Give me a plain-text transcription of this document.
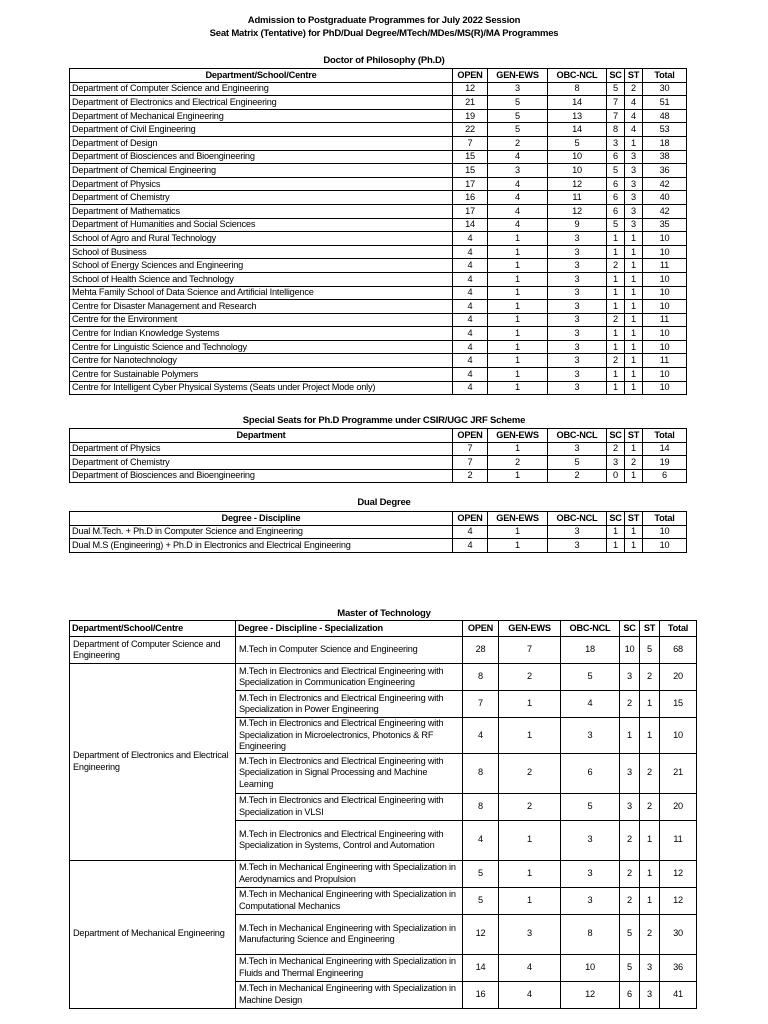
Admission to Postgraduate Programmes for July 2022 Session
Seat Matrix (Tentative) for PhD/Dual Degree/MTech/MDes/MS(R)/MA Programmes
Doctor of Philosophy (Ph.D)
Department/School/Centre	OPEN	GEN-EWS	OBC-NCL	SC	ST	Total
Department of Computer Science and Engineering	12	3	8	5	2	30
Department of Electronics and Electrical Engineering	21	5	14	7	4	51
Department of Mechanical Engineering	19	5	13	7	4	48
Department of Civil Engineering	22	5	14	8	4	53
Department of Design	7	2	5	3	1	18
Department of Biosciences and Bioengineering	15	4	10	6	3	38
Department of Chemical Engineering	15	3	10	5	3	36
Department of Physics	17	4	12	6	3	42
Department of Chemistry	16	4	11	6	3	40
Department of Mathematics	17	4	12	6	3	42
Department of Humanities and Social Sciences	14	4	9	5	3	35
School of Agro and Rural Technology	4	1	3	1	1	10
School of Business	4	1	3	1	1	10
School of Energy Sciences and Engineering	4	1	3	2	1	11
School of Health Science and Technology	4	1	3	1	1	10
Mehta Family School of Data Science and Artificial Intelligence	4	1	3	1	1	10
Centre for Disaster Management and Research	4	1	3	1	1	10
Centre for the Environment	4	1	3	2	1	11
Centre for Indian Knowledge Systems	4	1	3	1	1	10
Centre for Linguistic Science and Technology	4	1	3	1	1	10
Centre for Nanotechnology	4	1	3	2	1	11
Centre for Sustainable Polymers	4	1	3	1	1	10
Centre for Intelligent Cyber Physical Systems (Seats under Project Mode only)	4	1	3	1	1	10
Special Seats for Ph.D Programme under CSIR/UGC JRF Scheme
Department	OPEN	GEN-EWS	OBC-NCL	SC	ST	Total
Department of Physics	7	1	3	2	1	14
Department of Chemistry	7	2	5	3	2	19
Department of Biosciences and Bioengineering	2	1	2	0	1	6
Dual Degree
Degree - Discipline	OPEN	GEN-EWS	OBC-NCL	SC	ST	Total
Dual M.Tech. + Ph.D in Computer Science and Engineering	4	1	3	1	1	10
Dual M.S (Engineering) + Ph.D in Electronics and Electrical Engineering	4	1	3	1	1	10
Master of Technology
Department/School/Centre	Degree - Discipline - Specialization	OPEN	GEN-EWS	OBC-NCL	SC	ST	Total
Department of Computer Science and Engineering	M.Tech in Computer Science and Engineering	28	7	18	10	5	68
Department of Electronics and Electrical Engineering	M.Tech in Electronics and Electrical Engineering with Specialization in Communication Engineering	8	2	5	3	2	20
	M.Tech in Electronics and Electrical Engineering with Specialization in Power Engineering	7	1	4	2	1	15
	M.Tech in Electronics and Electrical Engineering with Specialization in Microelectronics, Photonics & RF Engineering	4	1	3	1	1	10
	M.Tech in Electronics and Electrical Engineering with Specialization in Signal Processing and Machine Learning	8	2	6	3	2	21
	M.Tech in Electronics and Electrical Engineering with Specialization in VLSI	8	2	5	3	2	20
	M.Tech in Electronics and Electrical Engineering with Specialization in Systems, Control and Automation	4	1	3	2	1	11
Department of Mechanical Engineering	M.Tech in Mechanical Engineering with Specialization in Aerodynamics and Propulsion	5	1	3	2	1	12
	M.Tech in Mechanical Engineering with Specialization in Computational Mechanics	5	1	3	2	1	12
	M.Tech in Mechanical Engineering with Specialization in Manufacturing Science and Engineering	12	3	8	5	2	30
	M.Tech in Mechanical Engineering with Specialization in Fluids and Thermal Engineering	14	4	10	5	3	36
	M.Tech in Mechanical Engineering with Specialization in Machine Design	16	4	12	6	3	41
